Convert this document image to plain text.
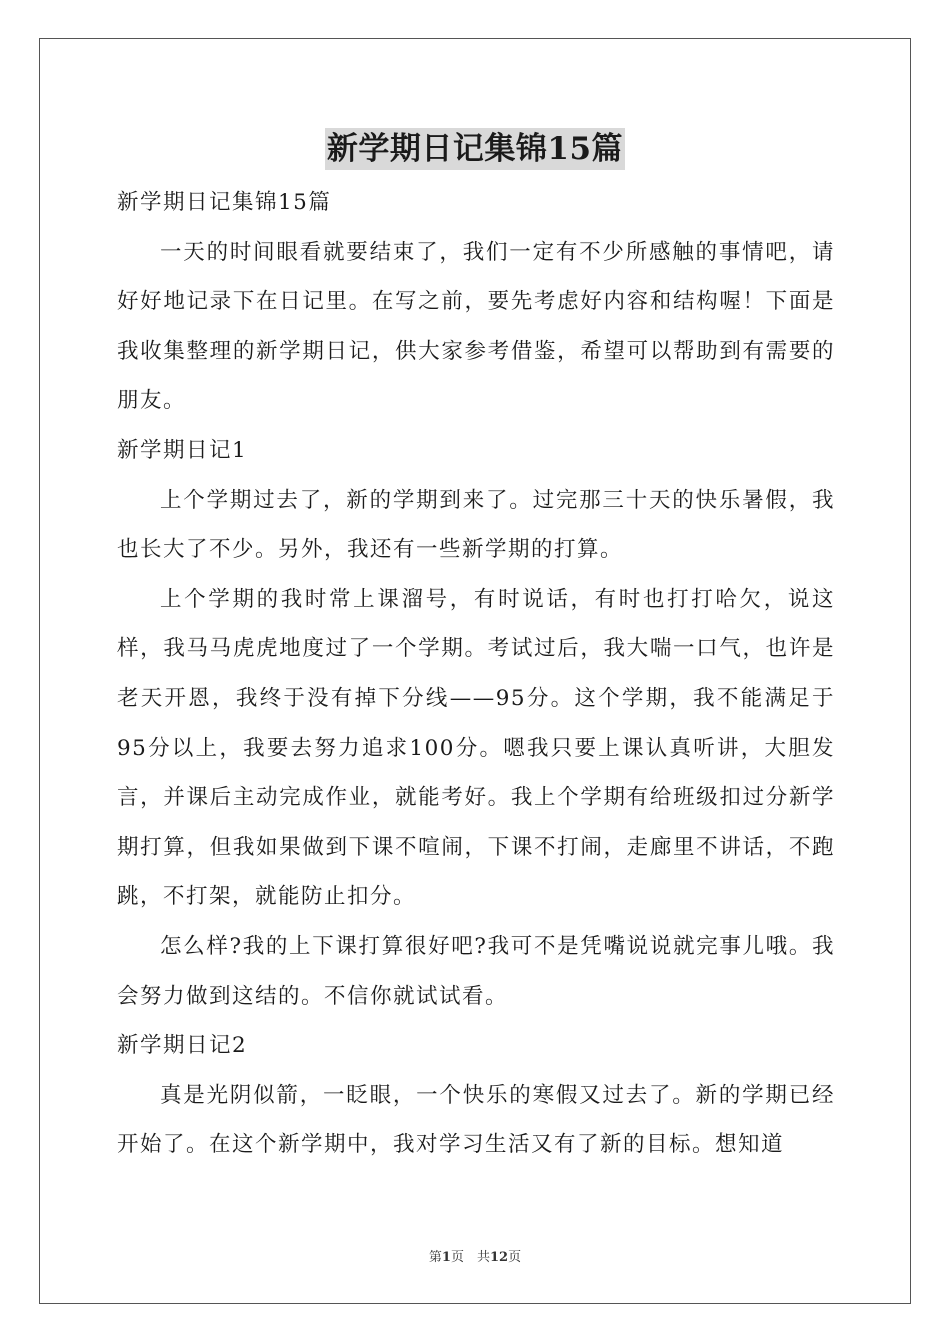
新学期日记集锦15篇

新学期日记集锦15篇

一天的时间眼看就要结束了，我们一定有不少所感触的事情吧，请好好地记录下在日记里。在写之前，要先考虑好内容和结构喔！下面是我收集整理的新学期日记，供大家参考借鉴，希望可以帮助到有需要的朋友。

新学期日记1

上个学期过去了，新的学期到来了。过完那三十天的快乐暑假，我也长大了不少。另外，我还有一些新学期的打算。

上个学期的我时常上课溜号，有时说话，有时也打打哈欠，说这样，我马马虎虎地度过了一个学期。考试过后，我大喘一口气，也许是老天开恩，我终于没有掉下分线——95分。这个学期，我不能满足于95分以上，我要去努力追求100分。嗯我只要上课认真听讲，大胆发言，并课后主动完成作业，就能考好。我上个学期有给班级扣过分新学期打算，但我如果做到下课不喧闹，下课不打闹，走廊里不讲话，不跑跳，不打架，就能防止扣分。

怎么样?我的上下课打算很好吧?我可不是凭嘴说说就完事儿哦。我会努力做到这结的。不信你就试试看。

新学期日记2

真是光阴似箭，一眨眼，一个快乐的寒假又过去了。新的学期已经开始了。在这个新学期中，我对学习生活又有了新的目标。想知道

第1页　共12页
